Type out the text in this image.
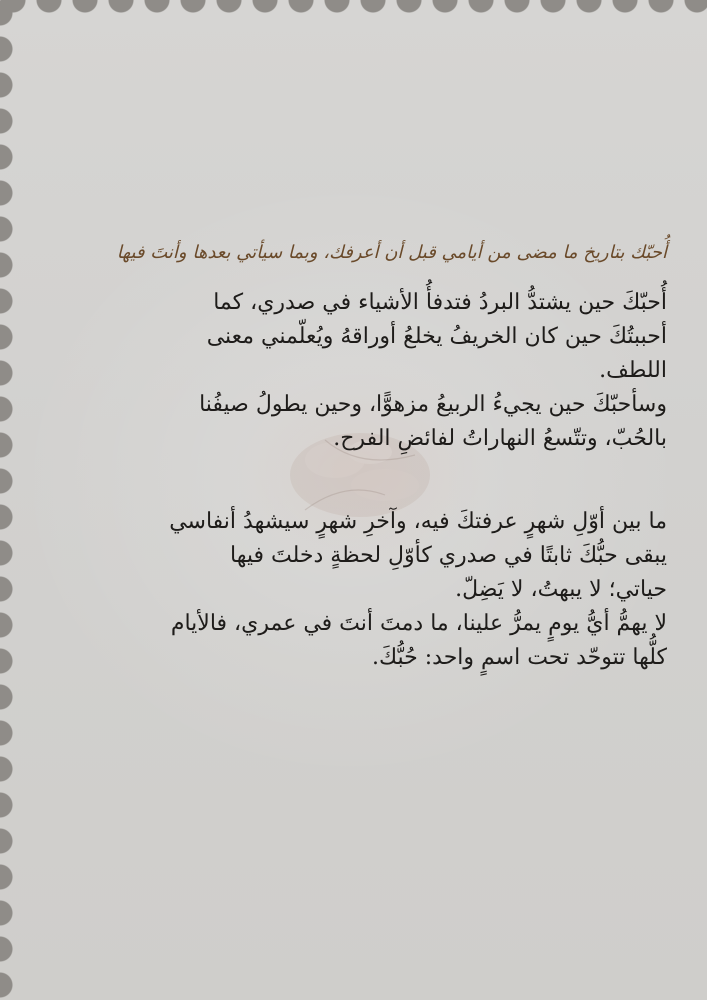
أُحبّك بتاريخ ما مضى من أيامي قبل أن أعرفك، وبما سيأتي بعدها وأنتَ فيها
أُحبّكَ حين يشتدُّ البردُ فتدفأُ الأشياء في صدري، كما
أحببتُكَ حين كان الخريفُ يخلعُ أوراقهُ ويُعلّمني معنى
اللطف.
وسأحبّكَ حين يجيءُ الربيعُ مزهوًّا، وحين يطولُ صيفُنا
بالحُبّ، وتتّسعُ النهاراتُ لفائضِ الفرح.
ما بين أوّلِ شهرٍ عرفتكَ فيه، وآخرِ شهرٍ سيشهدُ أنفاسي
يبقى حبُّكَ ثابتًا في صدري كأوّلِ لحظةٍ دخلتَ فيها
حياتي؛ لا يبهتُ، لا يَضِلّ.
لا يهمُّ أيُّ يومٍ يمرُّ علينا، ما دمتَ أنتَ في عمري، فالأيام
كلُّها تتوحّد تحت اسمٍ واحد: حُبُّكَ.
